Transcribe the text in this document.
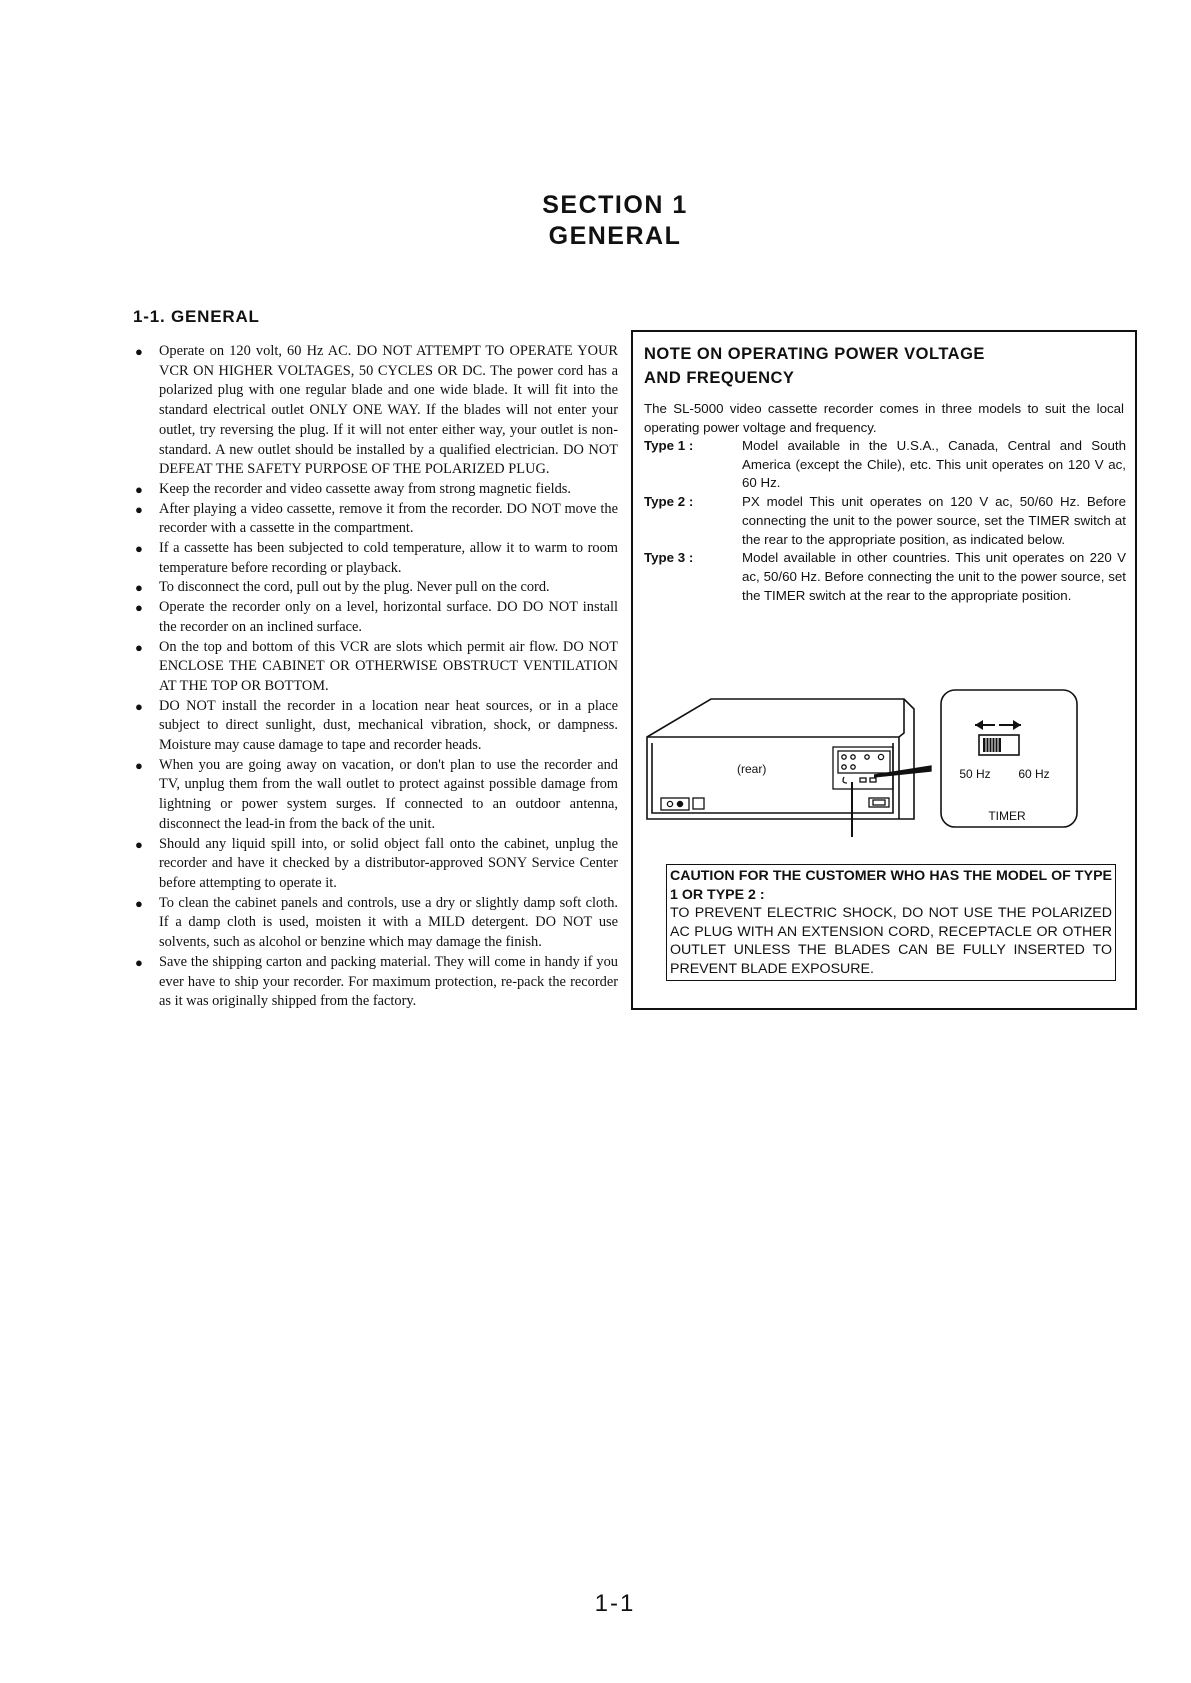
SECTION 1
GENERAL
1-1. GENERAL
● Operate on 120 volt, 60 Hz AC. DO NOT ATTEMPT TO OPERATE YOUR VCR ON HIGHER VOLTAGES, 50 CYCLES OR DC. The power cord has a polarized plug with one regular blade and one wide blade. It will fit into the standard electrical outlet ONLY ONE WAY. If the blades will not enter your outlet, try reversing the plug. If it will not enter either way, your outlet is non-standard. A new outlet should be installed by a qualified electrician. DO NOT DEFEAT THE SAFETY PURPOSE OF THE POLARIZED PLUG.
● Keep the recorder and video cassette away from strong magnetic fields.
● After playing a video cassette, remove it from the recorder. DO NOT move the recorder with a cassette in the compartment.
● If a cassette has been subjected to cold temperature, allow it to warm to room temperature before recording or playback.
● To disconnect the cord, pull out by the plug. Never pull on the cord.
● Operate the recorder only on a level, horizontal surface. DO DO NOT install the recorder on an inclined surface.
● On the top and bottom of this VCR are slots which permit air flow. DO NOT ENCLOSE THE CABINET OR OTHERWISE OBSTRUCT VENTILATION AT THE TOP OR BOTTOM.
● DO NOT install the recorder in a location near heat sources, or in a place subject to direct sunlight, dust, mechanical vibration, shock, or dampness. Moisture may cause damage to tape and recorder heads.
● When you are going away on vacation, or don't plan to use the recorder and TV, unplug them from the wall outlet to protect against possible damage from lightning or power system surges. If connected to an outdoor antenna, disconnect the lead-in from the back of the unit.
● Should any liquid spill into, or solid object fall onto the cabinet, unplug the recorder and have it checked by a distributor-approved SONY Service Center before attempting to operate it.
● To clean the cabinet panels and controls, use a dry or slightly damp soft cloth. If a damp cloth is used, moisten it with a MILD detergent. DO NOT use solvents, such as alcohol or benzine which may damage the finish.
● Save the shipping carton and packing material. They will come in handy if you ever have to ship your recorder. For maximum protection, re-pack the recorder as it was originally shipped from the factory.
NOTE ON OPERATING POWER VOLTAGE
AND FREQUENCY
The SL-5000 video cassette recorder comes in three models to suit the local operating power voltage and frequency.
Type 1 :	Model available in the U.S.A., Canada, Central and South America (except the Chile), etc. This unit operates on 120 V ac, 60 Hz.
Type 2 :	PX model This unit operates on 120 V ac, 50/60 Hz. Before connecting the unit to the power source, set the TIMER switch at the rear to the appropriate position, as indicated below.
Type 3 :	Model available in other countries. This unit operates on 220 V ac, 50/60 Hz. Before connecting the unit to the power source, set the TIMER switch at the rear to the appropriate position.
50 Hz 60 Hz
TIMER
(rear)
CAUTION FOR THE CUSTOMER WHO HAS THE MODEL OF TYPE 1 OR TYPE 2 :
TO PREVENT ELECTRIC SHOCK, DO NOT USE THE POLARIZED AC PLUG WITH AN EXTENSION CORD, RECEPTACLE OR OTHER OUTLET UNLESS THE BLADES CAN BE FULLY INSERTED TO PREVENT BLADE EXPOSURE.
1-1
